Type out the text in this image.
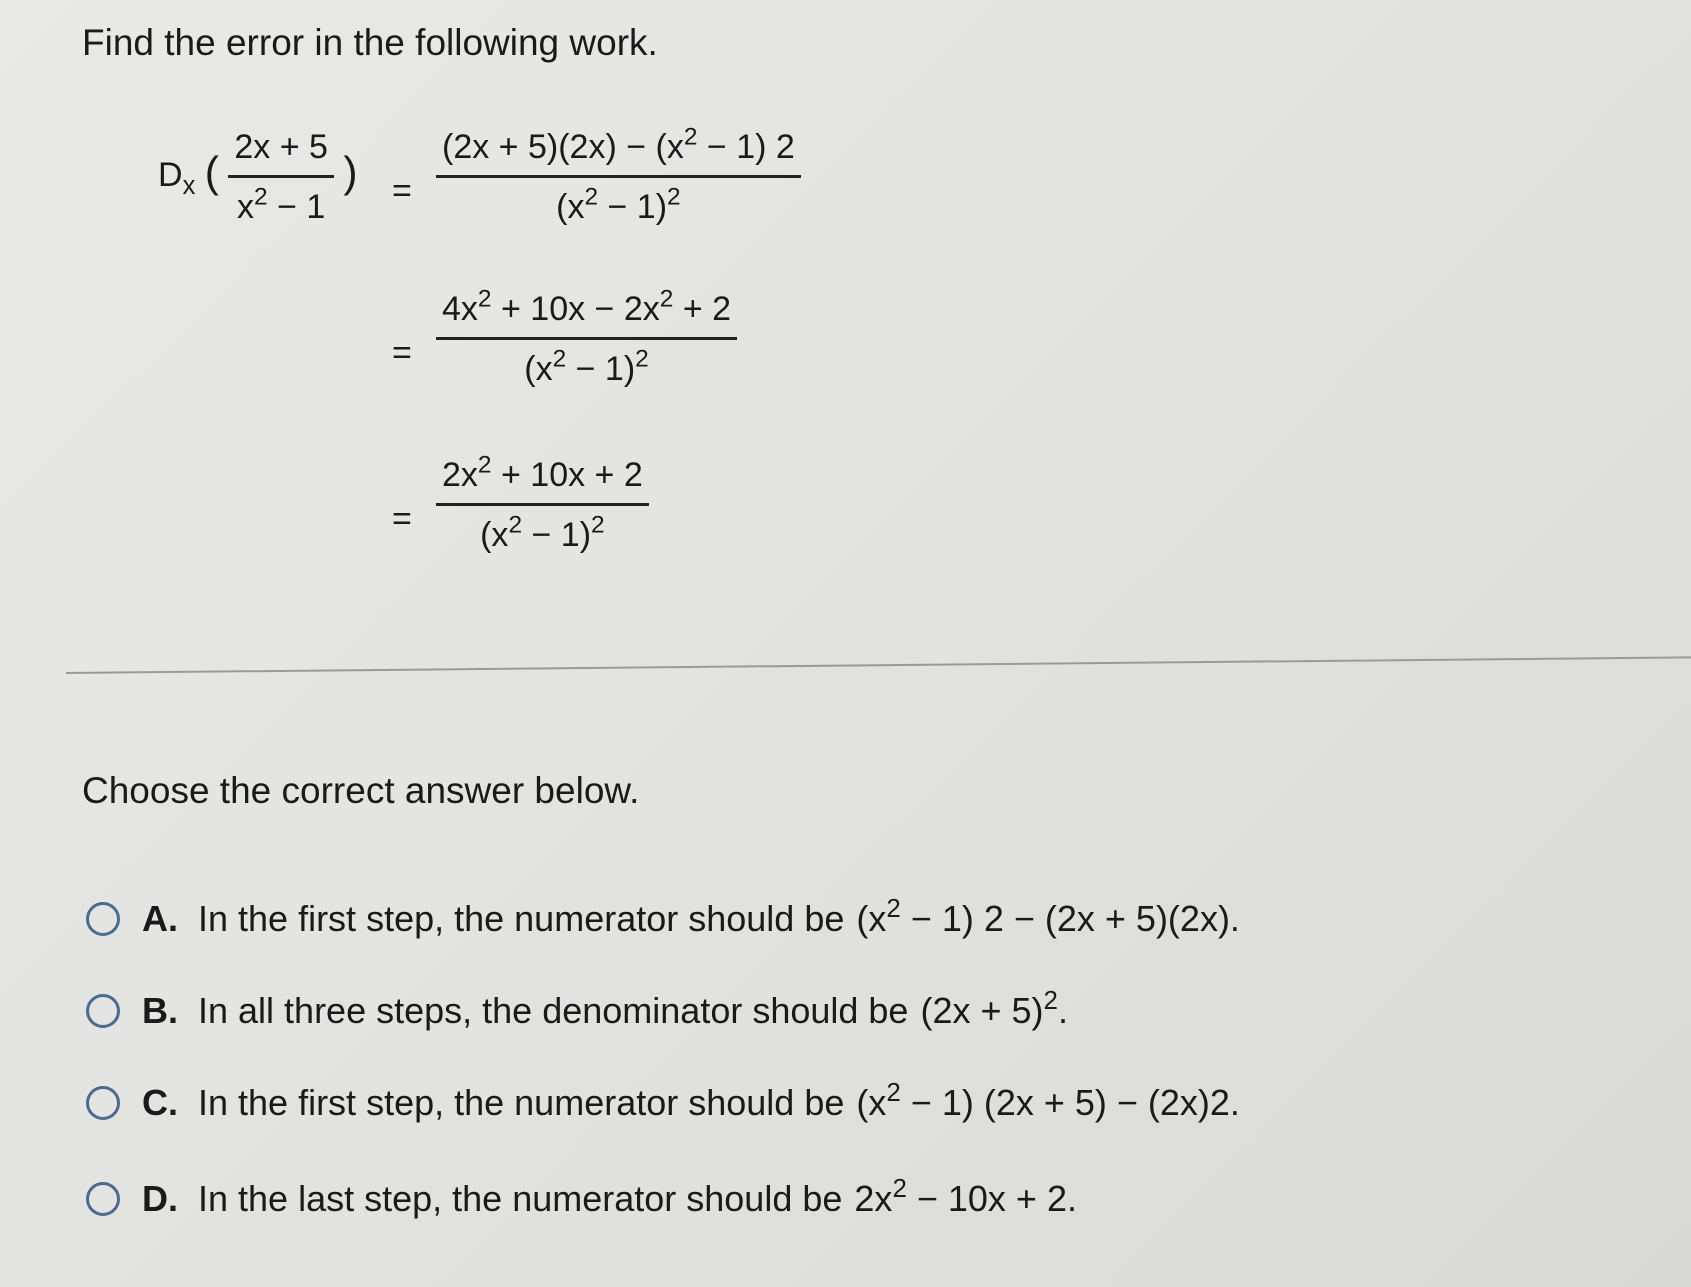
Find the error in the following work.
$D_x$ ( $\frac{2x + 5}{x^2 - 1}$ ) = $\frac{(2x + 5)(2x) - (x^2 - 1) 2}{(x^2 - 1)^2}$
= $\frac{4x^2 + 10x - 2x^2 + 2}{(x^2 - 1)^2}$
= $\frac{2x^2 + 10x + 2}{(x^2 - 1)^2}$
Choose the correct answer below.
A. In the first step, the numerator should be $(x^2 - 1) 2 - (2x + 5)(2x)$.
B. In all three steps, the denominator should be $(2x + 5)^2$.
C. In the first step, the numerator should be $(x^2 - 1) (2x + 5) - (2x)2$.
D. In the last step, the numerator should be $2x^2 - 10x + 2$.
